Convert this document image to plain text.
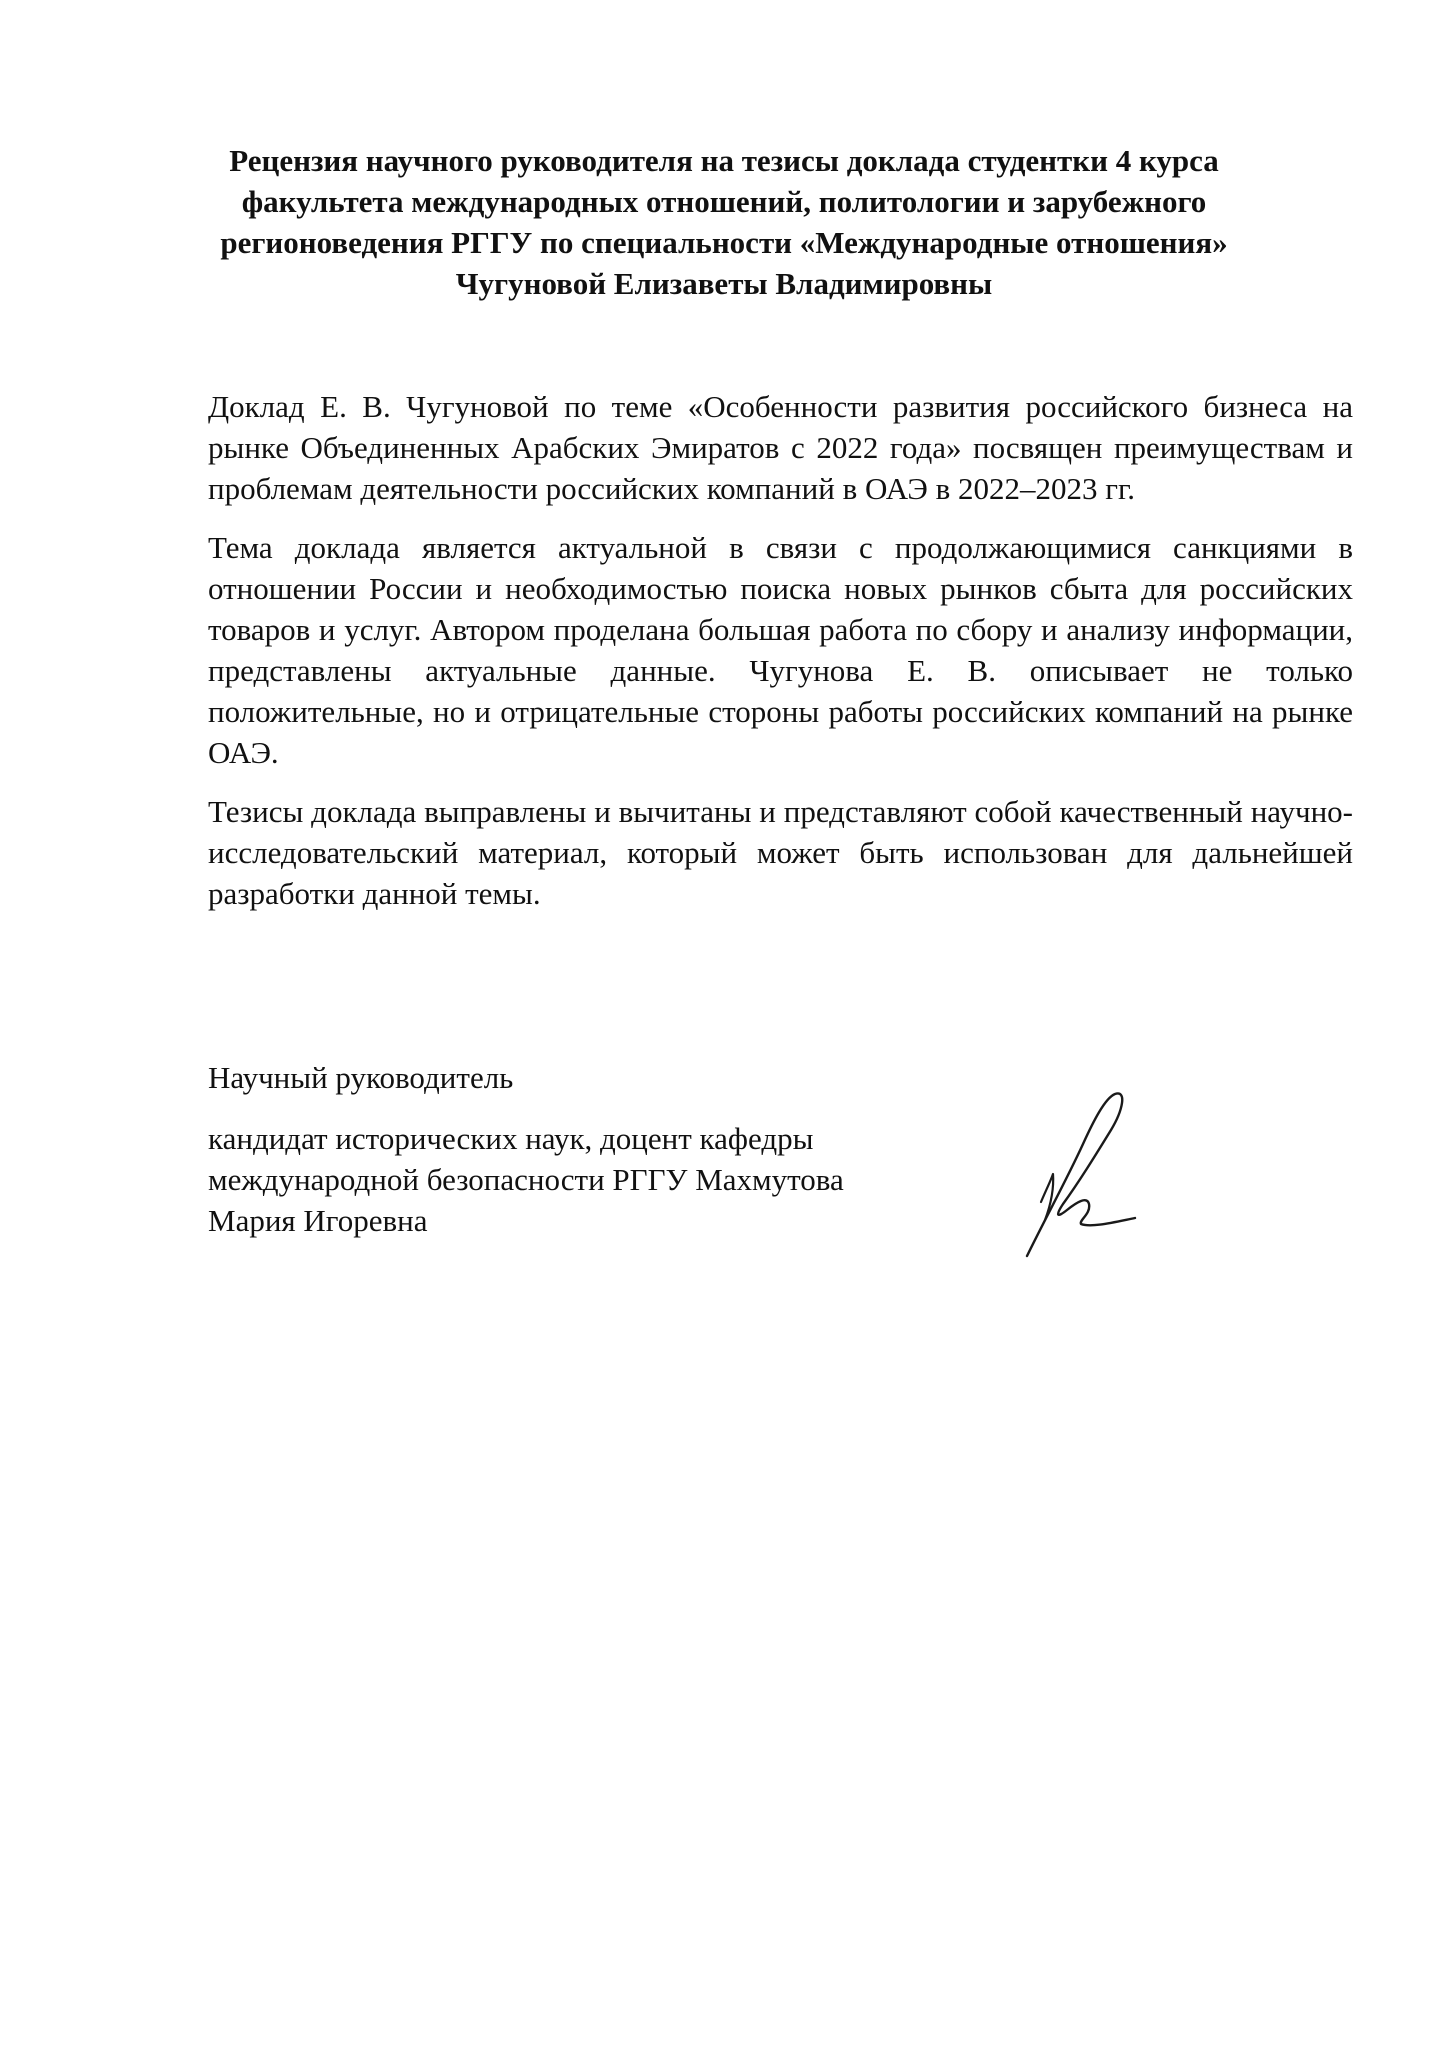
Рецензия научного руководителя на тезисы доклада студентки 4 курса
факультета международных отношений, политологии и зарубежного
регионоведения РГГУ по специальности «Международные отношения»
Чугуновой Елизаветы Владимировны

Доклад Е. В. Чугуновой по теме «Особенности развития российского бизнеса на рынке Объединенных Арабских Эмиратов с 2022 года» посвящен преимуществам и проблемам деятельности российских компаний в ОАЭ в 2022–2023 гг.

Тема доклада является актуальной в связи с продолжающимися санкциями в отношении России и необходимостью поиска новых рынков сбыта для российских товаров и услуг. Автором проделана большая работа по сбору и анализу информации, представлены актуальные данные. Чугунова Е. В. описывает не только положительные, но и отрицательные стороны работы российских компаний на рынке ОАЭ.

Тезисы доклада выправлены и вычитаны и представляют собой качественный научно-исследовательский материал, который может быть использован для дальнейшей разработки данной темы.

Научный руководитель
кандидат исторических наук, доцент кафедры
международной безопасности РГГУ Махмутова
Мария Игоревна
